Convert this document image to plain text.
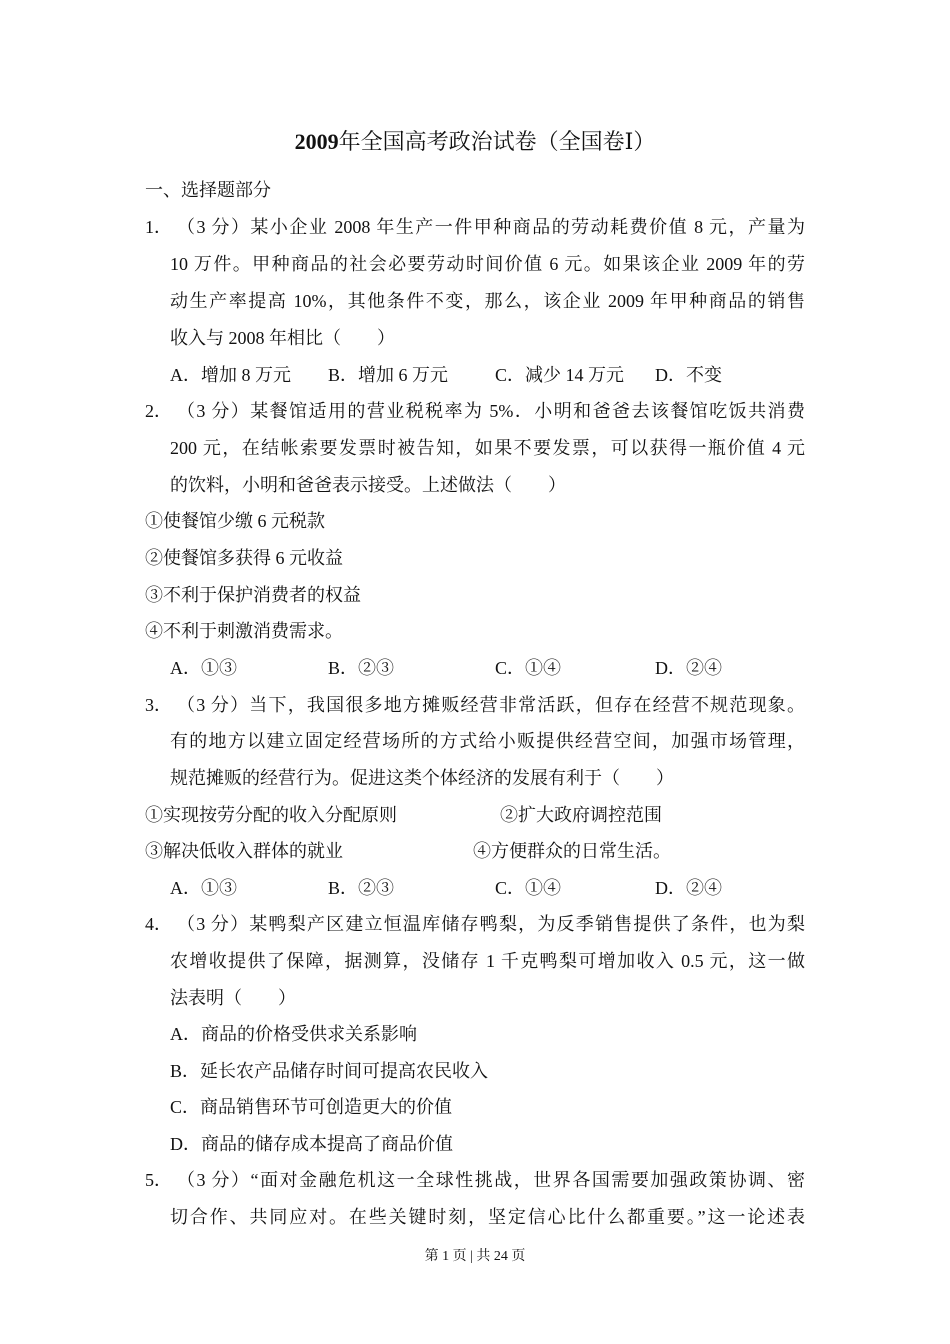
2009年全国高考政治试卷（全国卷Ⅰ）
一、选择题部分
1． （3 分）某小企业 2008 年生产一件甲种商品的劳动耗费价值 8 元，产量为
10 万件。甲种商品的社会必要劳动时间价值 6 元。如果该企业 2009 年的劳
动生产率提高 10%，其他条件不变，那么，该企业 2009 年甲种商品的销售
收入与 2008 年相比（　　）
A．增加 8 万元 B．增加 6 万元	C．减少 14 万元 D．不变
2． （3 分）某餐馆适用的营业税税率为 5%．小明和爸爸去该餐馆吃饭共消费
200 元，在结帐索要发票时被告知，如果不要发票，可以获得一瓶价值 4 元
的饮料，小明和爸爸表示接受。上述做法（　　）
①使餐馆少缴 6 元税款
②使餐馆多获得 6 元收益
③不利于保护消费者的权益
④不利于刺激消费需求。
A．①③	B．②③	C．①④	D．②④
3． （3 分）当下，我国很多地方摊贩经营非常活跃，但存在经营不规范现象。
有的地方以建立固定经营场所的方式给小贩提供经营空间，加强市场管理，
规范摊贩的经营行为。促进这类个体经济的发展有利于（　　）
①实现按劳分配的收入分配原则	②扩大政府调控范围
③解决低收入群体的就业	④方便群众的日常生活。
A．①③	B．②③	C．①④	D．②④
4． （3 分）某鸭梨产区建立恒温库储存鸭梨，为反季销售提供了条件，也为梨
农增收提供了保障，据测算，没储存 1 千克鸭梨可增加收入 0.5 元，这一做
法表明（　　）
A．商品的价格受供求关系影响
B．延长农产品储存时间可提高农民收入
C．商品销售环节可创造更大的价值
D．商品的储存成本提高了商品价值
5． （3 分）“面对金融危机这一全球性挑战，世界各国需要加强政策协调、密
切合作、共同应对。在些关键时刻，坚定信心比什么都重要。”这一论述表
第 1 页 | 共 24 页
